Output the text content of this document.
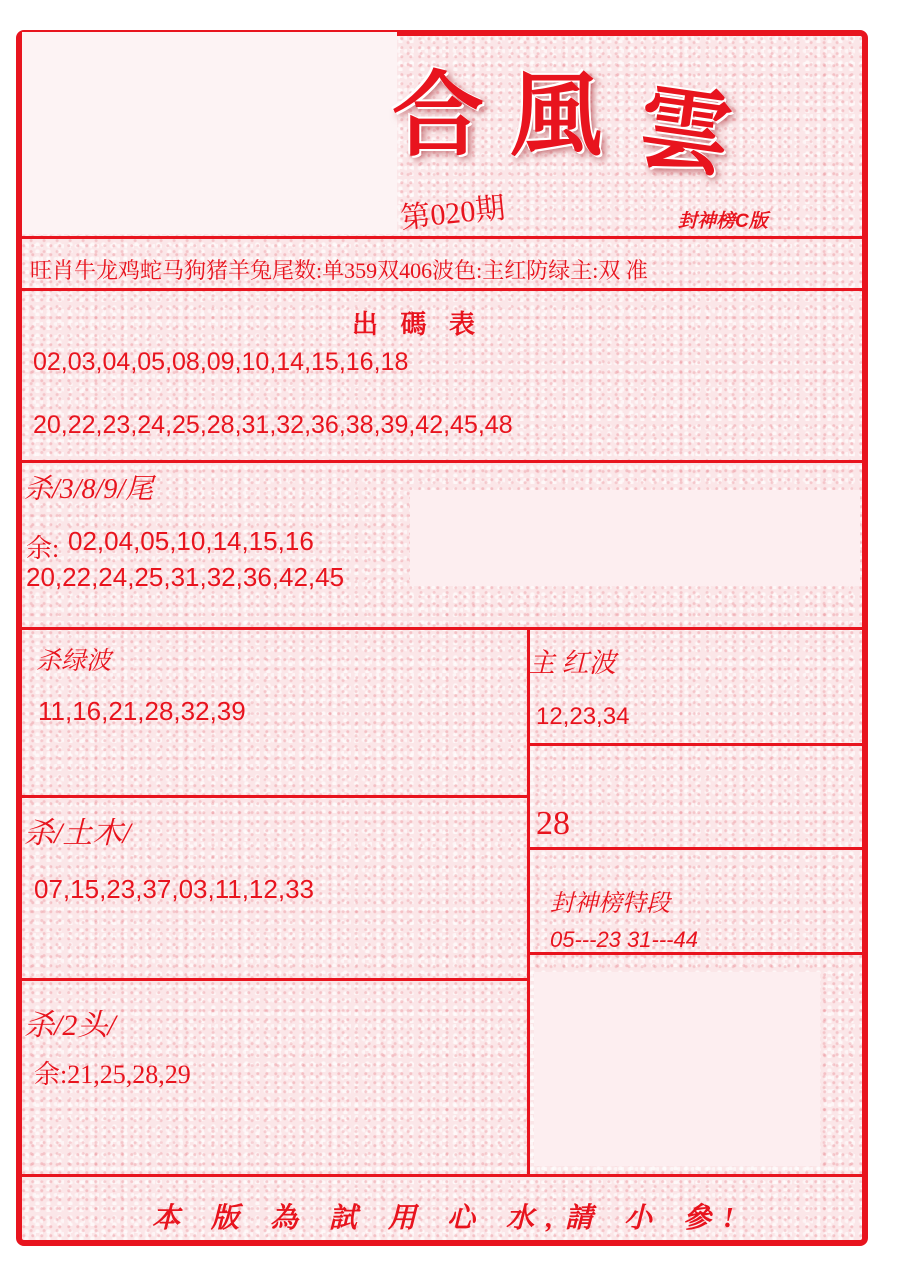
合 風 雲
第020期	封神榜C版
旺肖牛龙鸡蛇马狗猪羊兔尾数:单359双406波色:主红防绿主:双 准
出 碼 表
02,03,04,05,08,09,10,14,15,16,18
20,22,23,24,25,28,31,32,36,38,39,42,45,48
杀/3/8/9/尾
余: 02,04,05,10,14,15,16
20,22,24,25,31,32,36,42,45
杀绿波
11,16,21,28,32,39
主 红波
12,23,34
28
杀/土木/
07,15,23,37,03,11,12,33	封神榜特段
05---23 31---44
杀/2头/
余:21,25,28,29
本 版 為 試 用 心 水,請 小 參!
